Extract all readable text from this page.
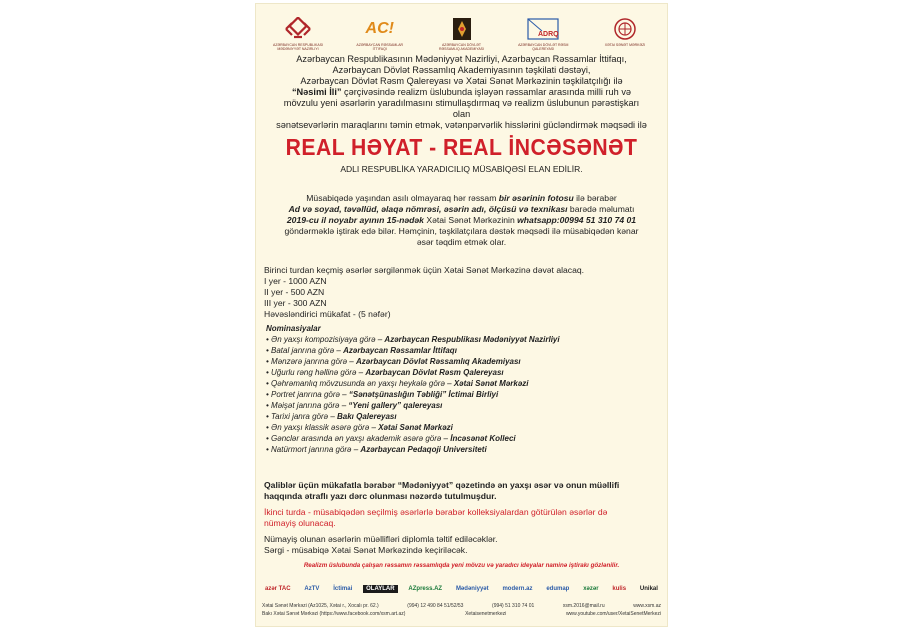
AZƏRBAYCAN RESPUBLIKASI MƏDƏNIYYƏT NAZIRLIYI
AC!
AZƏRBAYCAN RƏSSAMLAR İTTIFAQI
AZƏRBAYCAN DÖVLƏT RƏSSAMLIQ AKADEMIYASI
ADRQ
AZƏRBAYCAN DÖVLƏT RƏSM QALEREYASI
XƏTAI SƏNƏT MƏRKƏZI
Azərbaycan Respublikasının Mədəniyyət Nazirliyi, Azərbaycan Rəssamlar İttifaqı,
Azərbaycan Dövlət Rəssamlıq Akademiyasının təşkilati dəstəyi,
Azərbaycan Dövlət Rəsm Qalereyası və Xətai Sənət Mərkəzinin təşkilatçılığı ilə
“Nəsimi İli” çərçivəsində realizm üslubunda işləyən rəssamlar arasında milli ruh və
mövzulu yeni əsərlərin yaradılmasını stimullaşdırmaq və realizm üslubunun pərəstişkarı olan
sənətsevərlərin maraqlarını təmin etmək, vətənpərvərlik hisslərini gücləndirmək məqsədi ilə
REAL HƏYAT - REAL İNCƏSƏNƏT
ADLI RESPUBLİKA YARADICILIQ MÜSABİQƏSİ ELAN EDİLİR.
Müsabiqədə yaşından asılı olmayaraq hər rəssam bir əsərinin fotosu ilə bərabər
Ad və soyad, təvəllüd, əlaqə nömrəsi, əsərin adı, ölçüsü və texnikası barədə məlumatı
2019-cu il noyabr ayının 15-nədək Xətai Sənət Mərkəzinin whatsapp:00994 51 310 74 01
göndərməklə iştirak edə bilər. Həmçinin, təşkilatçılara dəstək məqsədi ilə müsabiqədən kənar
əsər təqdim etmək olar.
Birinci turdan keçmiş əsərlər sərgilənmək üçün Xətai Sənət Mərkəzinə dəvət alacaq.
I yer - 1000 AZN
II yer - 500 AZN
III yer - 300 AZN
Həvəsləndirici mükafat - (5 nəfər)
Nominasiyalar
• Ən yaxşı kompozisiyaya görə – Azərbaycan Respublikası Mədəniyyət Nazirliyi
• Batal janrına görə – Azərbaycan Rəssamlar İttifaqı
• Mənzərə janrına görə – Azərbaycan Dövlət Rəssamlıq Akademiyası
• Uğurlu rəng həllinə görə – Azərbaycan Dövlət Rəsm Qalereyası
• Qəhrəmanlıq mövzusunda ən yaxşı heykələ görə – Xətai Sənət Mərkəzi
• Portret janrına görə – “Sənətşünaslığın Təbliği” İctimai Birliyi
• Məişət janrına görə – “Yeni gallery” qalereyası
• Tarixi janra görə – Bakı Qalereyası
• Ən yaxşı klassik əsərə görə – Xətai Sənət Mərkəzi
• Gənclər arasında ən yaxşı akademik əsərə görə – İncəsənət Kolleci
• Natürmort janrına görə – Azərbaycan Pedaqoji Universiteti
Qaliblər üçün mükafatla bərabər “Mədəniyyət” qəzetində ən yaxşı əsər və onun müəllifi
haqqında ətraflı yazı dərc olunması nəzərdə tutulmuşdur.
İkinci turda - müsabiqədən seçilmiş əsərlərlə bərabər kolleksiyalardan götürülən əsərlər də
nümayiş olunacaq.
Nümayiş olunan əsərlərin müəllifləri diplomla təltif ediləcəklər.
Sərgi - müsabiqə Xətai Sənət Mərkəzində keçiriləcək.
Realizm üslubunda çalışan rəssamın rəssamlıqda yeni mövzu və yaradıcı ideyalar naminə iştirakı gözlənilir.
azər TAC	AzTV	İctimai	OLAYLAR	AZpress.AZ	Mədəniyyət	modern.az	edumap	xəzər	kulis	Unikal
Xətai Sənət Mərkəzi (Az1025, Xətai r., Xocalı pr. 62.)	(994) 12 490 84 51/52/53	(994) 51 310 74 01	xsm.2016@mail.ru	www.xsm.az
Bakı Xətai Sənət Mərkəzi (https://www.facebook.com/xsm.art.az)	Xetaisenetmerkezi	www.youtube.com/user/XetaiSenetMerkezi
